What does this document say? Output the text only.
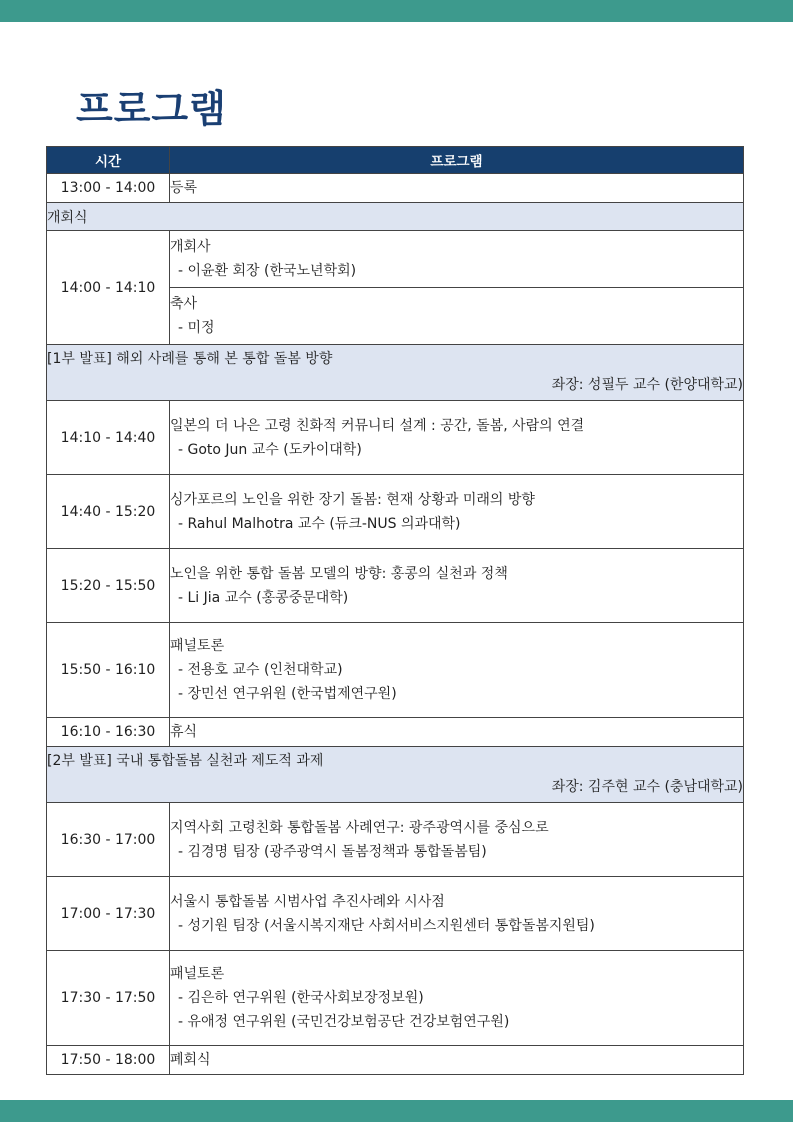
프로그램
시간	프로그램
13:00 - 14:00	등록
개회식	
14:00 - 14:10	개회사

- 이윤환 회장 (한국노년학회)

	축사

- 미정

[1부 발표] 해외 사례를 통해 본 통합 돌봄 방향
좌장: 성필두 교수 (한양대학교)	

14:10 - 14:40	일본의 더 나은 고령 친화적 커뮤니티 설계 : 공간, 돌봄, 사람의 연결

- Goto Jun 교수 (도카이대학)

14:40 - 15:20	싱가포르의 노인을 위한 장기 돌봄: 현재 상황과 미래의 방향

- Rahul Malhotra 교수 (듀크-NUS 의과대학)

15:20 - 15:50	노인을 위한 통합 돌봄 모델의 방향: 홍콩의 실천과 정책

- Li Jia 교수 (홍콩중문대학)

15:50 - 16:10	패널토론

- 전용호 교수 (인천대학교)
- 장민선 연구위원 (한국법제연구원)

16:10 - 16:30	휴식

[2부 발표] 국내 통합돌봄 실천과 제도적 과제
좌장: 김주현 교수 (충남대학교)	

16:30 - 17:00	지역사회 고령친화 통합돌봄 사례연구: 광주광역시를 중심으로

- 김경명 팀장 (광주광역시 돌봄정책과 통합돌봄팀)

17:00 - 17:30	서울시 통합돌봄 시범사업 추진사례와 시사점

- 성기원 팀장 (서울시복지재단 사회서비스지원센터 통합돌봄지원팀)

17:30 - 17:50	패널토론

- 김은하 연구위원 (한국사회보장정보원)
- 유애정 연구위원 (국민건강보험공단 건강보험연구원)

17:50 - 18:00	폐회식
